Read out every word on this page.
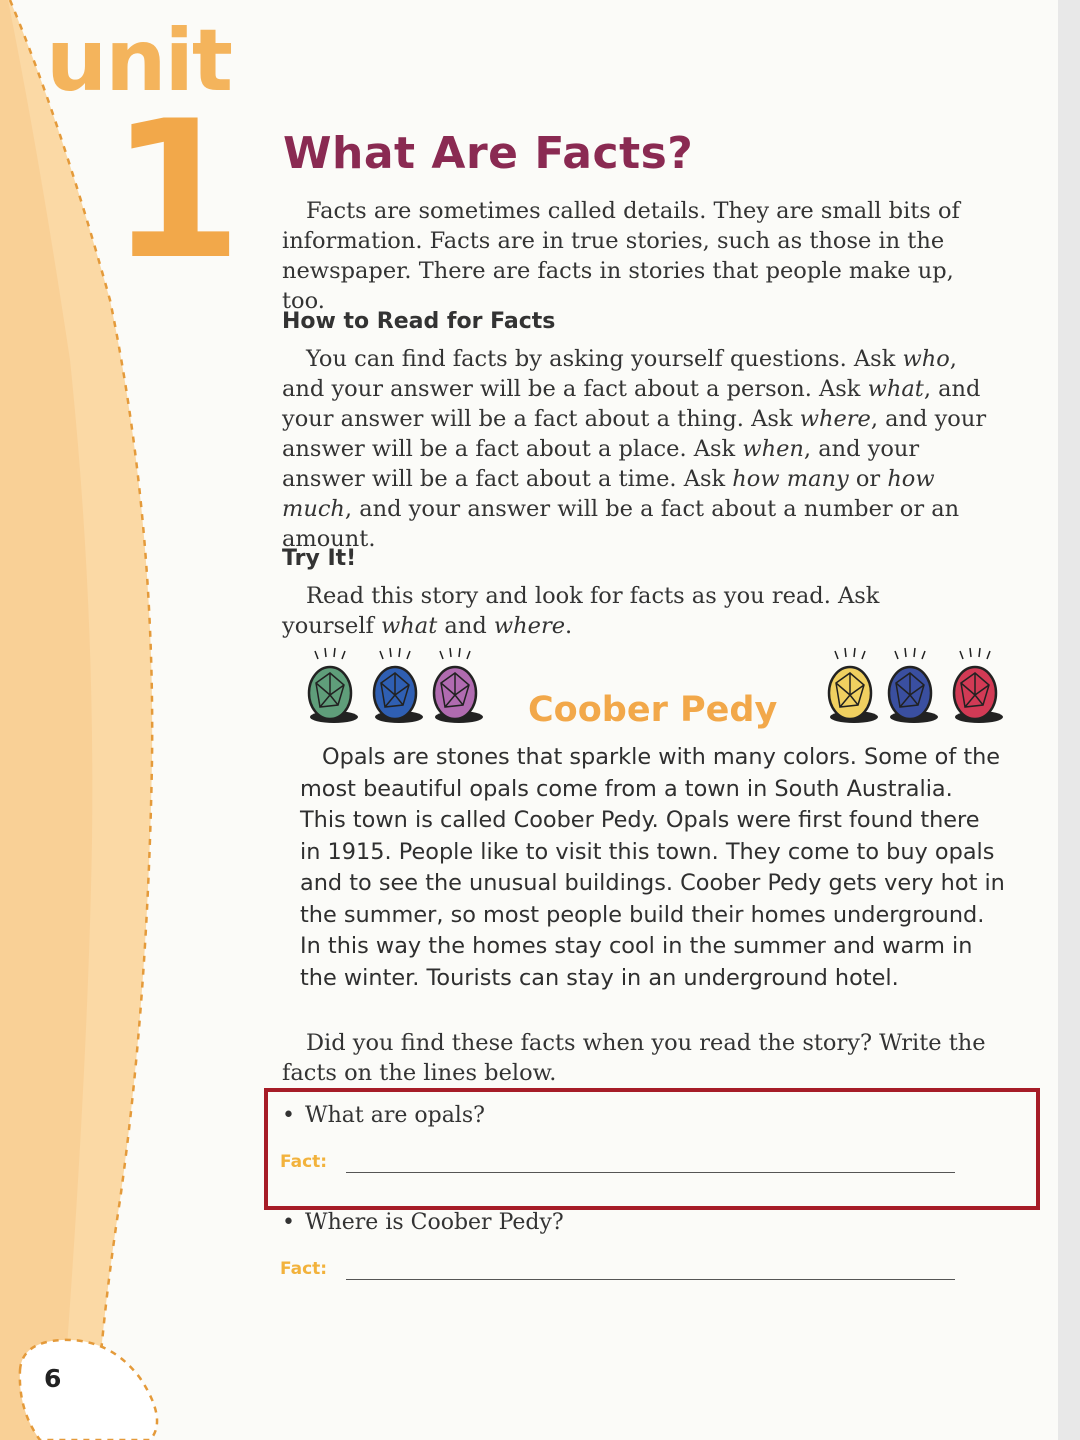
unit
1 What Are Facts?

Facts are sometimes called details. They are small bits of information. Facts are in true stories, such as those in the newspaper. There are facts in stories that people make up, too.

How to Read for Facts

You can find facts by asking yourself questions. Ask who, and your answer will be a fact about a person. Ask what, and your answer will be a fact about a thing. Ask where, and your answer will be a fact about a place. Ask when, and your answer will be a fact about a time. Ask how many or how much, and your answer will be a fact about a number or an amount.

Try It!

Read this story and look for facts as you read. Ask yourself what and where.

Coober Pedy

Opals are stones that sparkle with many colors. Some of the most beautiful opals come from a town in South Australia. This town is called Coober Pedy. Opals were first found there in 1915. People like to visit this town. They come to buy opals and to see the unusual buildings. Coober Pedy gets very hot in the summer, so most people build their homes underground. In this way the homes stay cool in the summer and warm in the winter. Tourists can stay in an underground hotel.

Did you find these facts when you read the story? Write the facts on the lines below.

• What are opals?

Fact:

• Where is Coober Pedy?

Fact:
6
